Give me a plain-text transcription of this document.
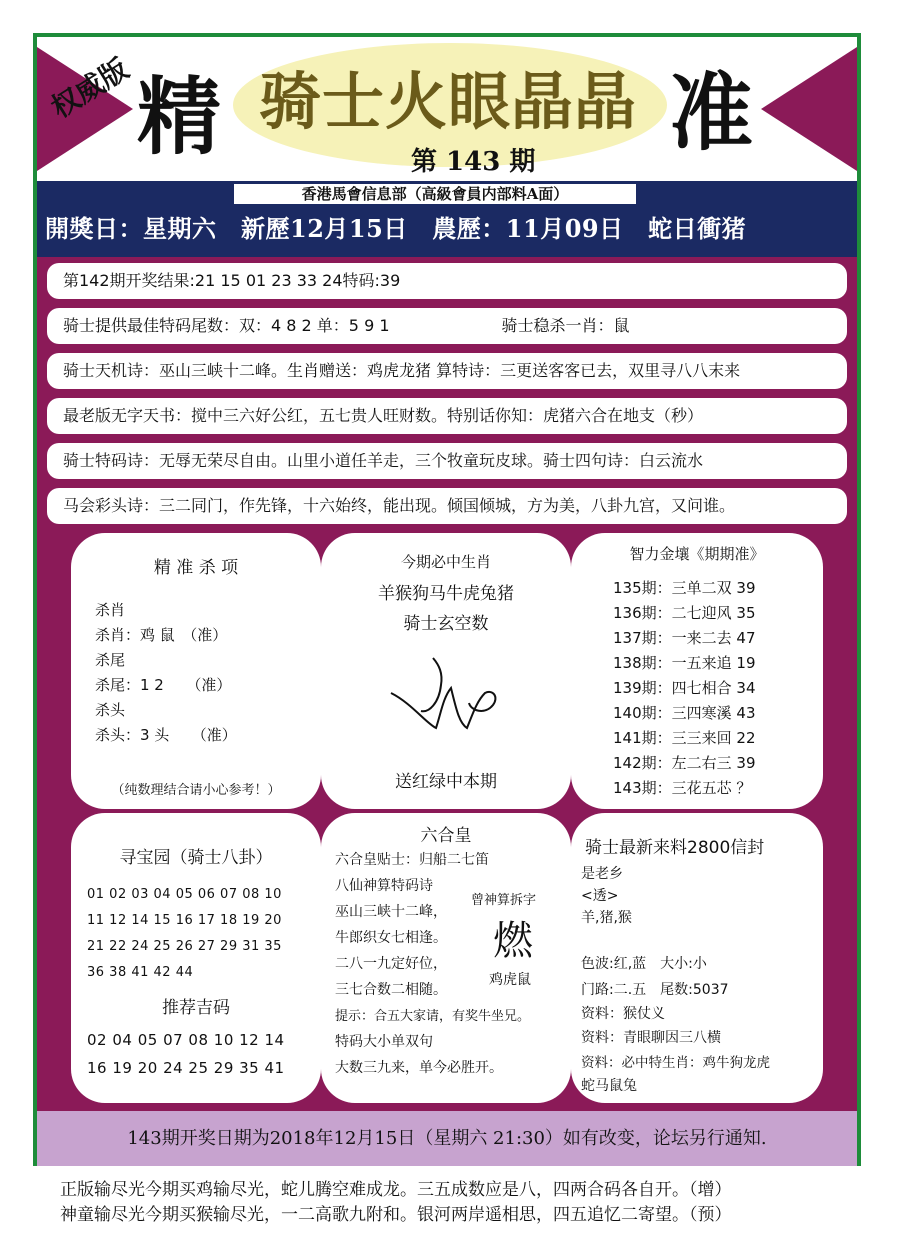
权威版 精	准
骑士火眼晶晶
第 143 期
香港馬會信息部（高級會員内部料A面）
開獎日：星期六　新歷12月15日　農歷：11月09日　蛇日衝猪
第142期开奖结果:21 15 01 23 33 24特码:39
骑士提供最佳特码尾数：双：4 8 2 单：5 9 1　　　　　　　骑士稳杀一肖：鼠
骑士天机诗：巫山三峡十二峰。生肖赠送：鸡虎龙猪 算特诗：三更送客客已去，双里寻八八末来
最老版无字天书：搅中三六好公红，五七贵人旺财数。特别话你知：虎猪六合在地支（秒）
骑士特码诗：无辱无荣尽自由。山里小道任羊走，三个牧童玩皮球。骑士四句诗：白云流水
马会彩头诗：三二同门，作先锋，十六始终，能出现。倾国倾城，方为美，八卦九宫，又问谁。
精 准 杀 项
杀肖
杀肖：鸡 鼠　（准）
杀尾
杀尾：1 2　　（准）
杀头
杀头：3 头　　（准）
（纯数理结合请小心参考！）
今期必中生肖
羊猴狗马牛虎兔猪
骑士玄空数
送红绿中本期
智力金壤《期期准》
135期：三单二双 39
136期：二七迎风 35
137期：一来二去 47
138期：一五来追 19
139期：四七相合 34
140期：三四寒溪 43
141期：三三来回 22
142期：左二右三 39
143期：三花五芯 ？
寻宝园（骑士八卦）
01 02 03 04 05 06 07 08 10
11 12 14 15 16 17 18 19 20
21 22 24 25 26 27 29 31 35
36 38 41 42 44
推荐吉码
02 04 05 07 08 10 12 14
16 19 20 24 25 29 35 41
六合皇
六合皇贴士：归船二七笛
八仙神算特码诗
巫山三峡十二峰，
牛郎织女七相逢。
二八一九定好位，
三七合数二相随。
提示：合五大家请，有奖牛坐兄。
特码大小单双句
大数三九来，单今必胜开。
曾神算拆字
燃
鸡虎鼠
骑士最新来料2800信封
是老乡
<透>
羊,猪,猴
色波:红,蓝　大小:小
门路:二.五　尾数:5037
资料：猴仗义
资料：青眼聊因三八横
资料：必中特生肖：鸡牛狗龙虎
蛇马鼠兔
143期开奖日期为2018年12月15日（星期六 21:30）如有改变，论坛另行通知.
正版输尽光今期买鸡输尽光，蛇儿腾空难成龙。三五成数应是八，四两合码各自开。（增）
神童输尽光今期买猴输尽光，一二高歌九附和。银河两岸遥相思，四五追忆二寄望。（预）
